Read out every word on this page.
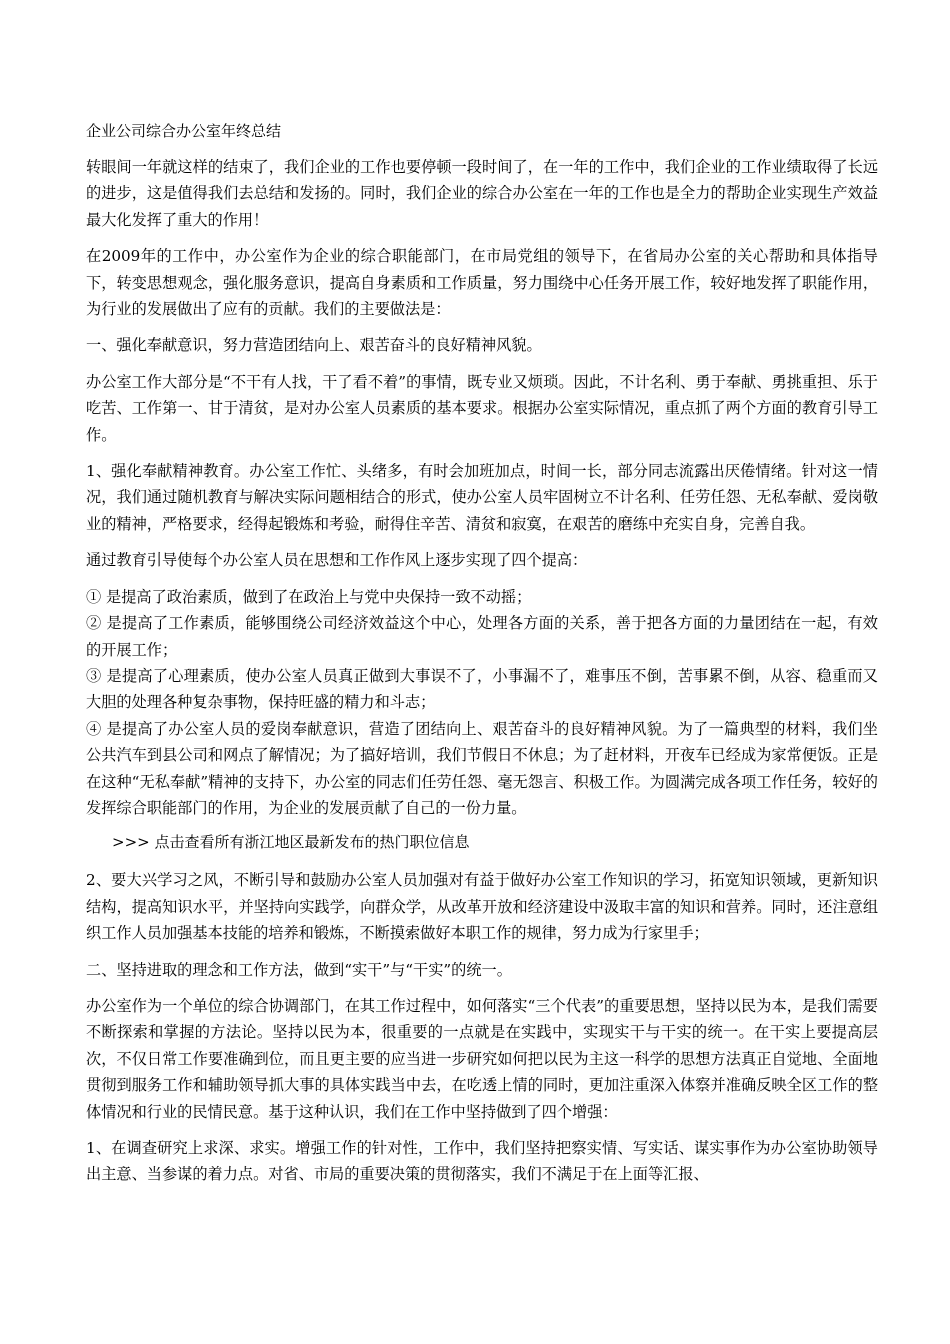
企业公司综合办公室年终总结

转眼间一年就这样的结束了，我们企业的工作也要停顿一段时间了，在一年的工作中，我们企业的工作业绩取得了长远的进步，这是值得我们去总结和发扬的。同时，我们企业的综合办公室在一年的工作也是全力的帮助企业实现生产效益最大化发挥了重大的作用！

在2009年的工作中，办公室作为企业的综合职能部门，在市局党组的领导下，在省局办公室的关心帮助和具体指导下，转变思想观念，强化服务意识，提高自身素质和工作质量，努力围绕中心任务开展工作，较好地发挥了职能作用，为行业的发展做出了应有的贡献。我们的主要做法是：

一、强化奉献意识，努力营造团结向上、艰苦奋斗的良好精神风貌。

办公室工作大部分是“不干有人找，干了看不着”的事情，既专业又烦琐。因此，不计名利、勇于奉献、勇挑重担、乐于吃苦、工作第一、甘于清贫，是对办公室人员素质的基本要求。根据办公室实际情况，重点抓了两个方面的教育引导工作。

1、强化奉献精神教育。办公室工作忙、头绪多，有时会加班加点，时间一长，部分同志流露出厌倦情绪。针对这一情况，我们通过随机教育与解决实际问题相结合的形式，使办公室人员牢固树立不计名利、任劳任怨、无私奉献、爱岗敬业的精神，严格要求，经得起锻炼和考验，耐得住辛苦、清贫和寂寞，在艰苦的磨练中充实自身，完善自我。

通过教育引导使每个办公室人员在思想和工作作风上逐步实现了四个提高：

① 是提高了政治素质，做到了在政治上与党中央保持一致不动摇；

② 是提高了工作素质，能够围绕公司经济效益这个中心，处理各方面的关系，善于把各方面的力量团结在一起，有效的开展工作；

③ 是提高了心理素质，使办公室人员真正做到大事误不了，小事漏不了，难事压不倒，苦事累不倒，从容、稳重而又大胆的处理各种复杂事物，保持旺盛的精力和斗志；

④ 是提高了办公室人员的爱岗奉献意识，营造了团结向上、艰苦奋斗的良好精神风貌。为了一篇典型的材料，我们坐公共汽车到县公司和网点了解情况；为了搞好培训，我们节假日不休息；为了赶材料，开夜车已经成为家常便饭。正是在这种“无私奉献”精神的支持下，办公室的同志们任劳任怨、毫无怨言、积极工作。为圆满完成各项工作任务，较好的发挥综合职能部门的作用，为企业的发展贡献了自己的一份力量。

>>> 点击查看所有浙江地区最新发布的热门职位信息

2、要大兴学习之风，不断引导和鼓励办公室人员加强对有益于做好办公室工作知识的学习，拓宽知识领域，更新知识结构，提高知识水平，并坚持向实践学，向群众学，从改革开放和经济建设中汲取丰富的知识和营养。同时，还注意组织工作人员加强基本技能的培养和锻炼，不断摸索做好本职工作的规律，努力成为行家里手；

二、坚持进取的理念和工作方法，做到“实干”与“干实”的统一。

办公室作为一个单位的综合协调部门，在其工作过程中，如何落实“三个代表”的重要思想，坚持以民为本，是我们需要不断探索和掌握的方法论。坚持以民为本，很重要的一点就是在实践中，实现实干与干实的统一。在干实上要提高层次，不仅日常工作要准确到位，而且更主要的应当进一步研究如何把以民为主这一科学的思想方法真正自觉地、全面地贯彻到服务工作和辅助领导抓大事的具体实践当中去，在吃透上情的同时，更加注重深入体察并准确反映全区工作的整体情况和行业的民情民意。基于这种认识，我们在工作中坚持做到了四个增强：

1、在调查研究上求深、求实。增强工作的针对性，工作中，我们坚持把察实情、写实话、谋实事作为办公室协助领导出主意、当参谋的着力点。对省、市局的重要决策的贯彻落实，我们不满足于在上面等汇报、
